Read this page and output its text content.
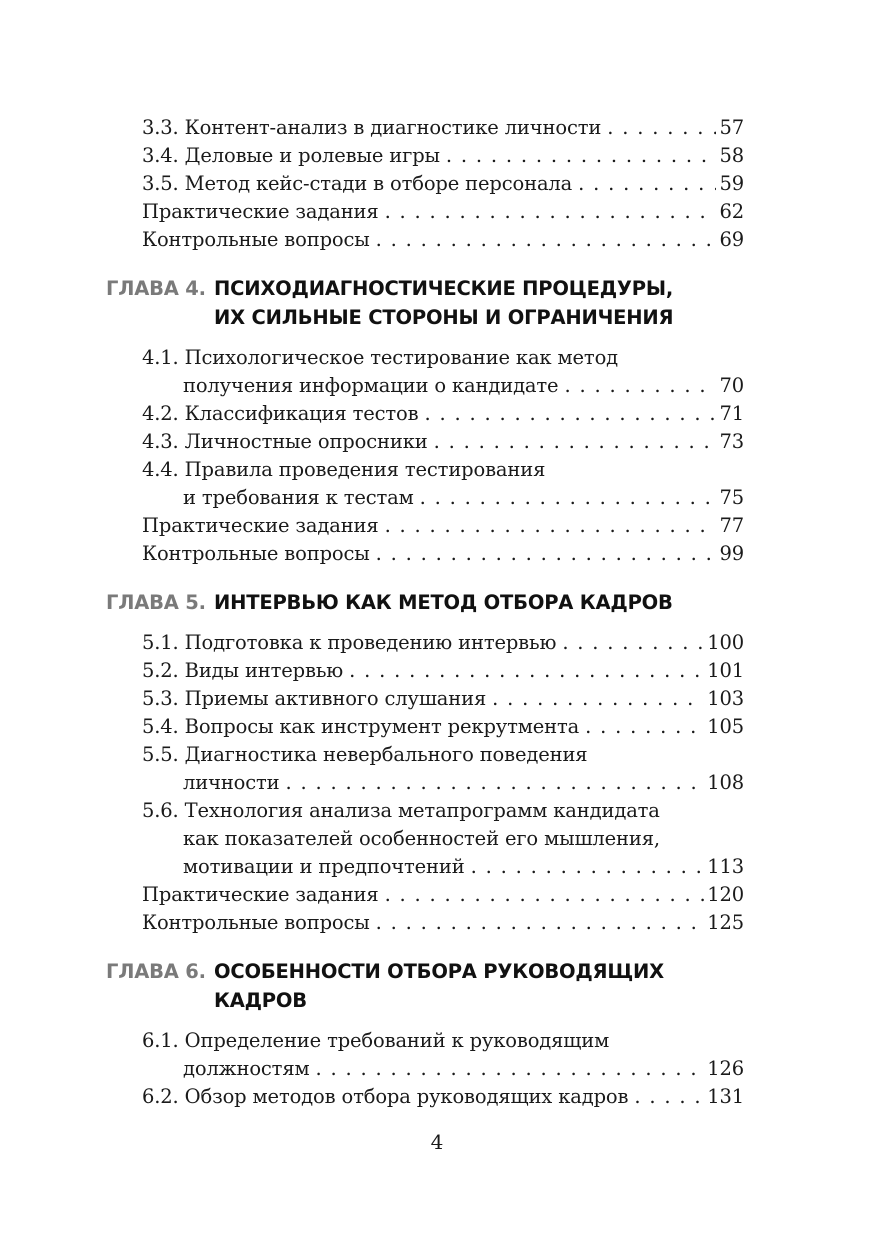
3.3. Контент-анализ в диагностике личности . . .	57
3.4. Деловые и ролевые игры . . .	58
3.5. Метод кейс-стади в отборе персонала . . .	59
Практические задания . . .	62
Контрольные вопросы . . .	69
ГЛАВА 4. ПСИХОДИАГНОСТИЧЕСКИЕ ПРОЦЕДУРЫ,
ИХ СИЛЬНЫЕ СТОРОНЫ И ОГРАНИЧЕНИЯ
4.1. Психологическое тестирование как метод
получения информации о кандидате . . .	70
4.2. Классификация тестов . . .	71
4.3. Личностные опросники . . .	73
4.4. Правила проведения тестирования
и требования к тестам . . .	75
Практические задания . . .	77
Контрольные вопросы . . .	99
ГЛАВА 5. ИНТЕРВЬЮ КАК МЕТОД ОТБОРА КАДРОВ
5.1. Подготовка к проведению интервью . . .	100
5.2. Виды интервью . . .	101
5.3. Приемы активного слушания . . .	103
5.4. Вопросы как инструмент рекрутмента . . .	105
5.5. Диагностика невербального поведения
личности . . .	108
5.6. Технология анализа метапрограмм кандидата
как показателей особенностей его мышления,
мотивации и предпочтений . . .	113
Практические задания . . .	120
Контрольные вопросы . . .	125
ГЛАВА 6. ОСОБЕННОСТИ ОТБОРА РУКОВОДЯЩИХ
КАДРОВ
6.1. Определение требований к руководящим
должностям . . .	126
6.2. Обзор методов отбора руководящих кадров . . .	131
4
